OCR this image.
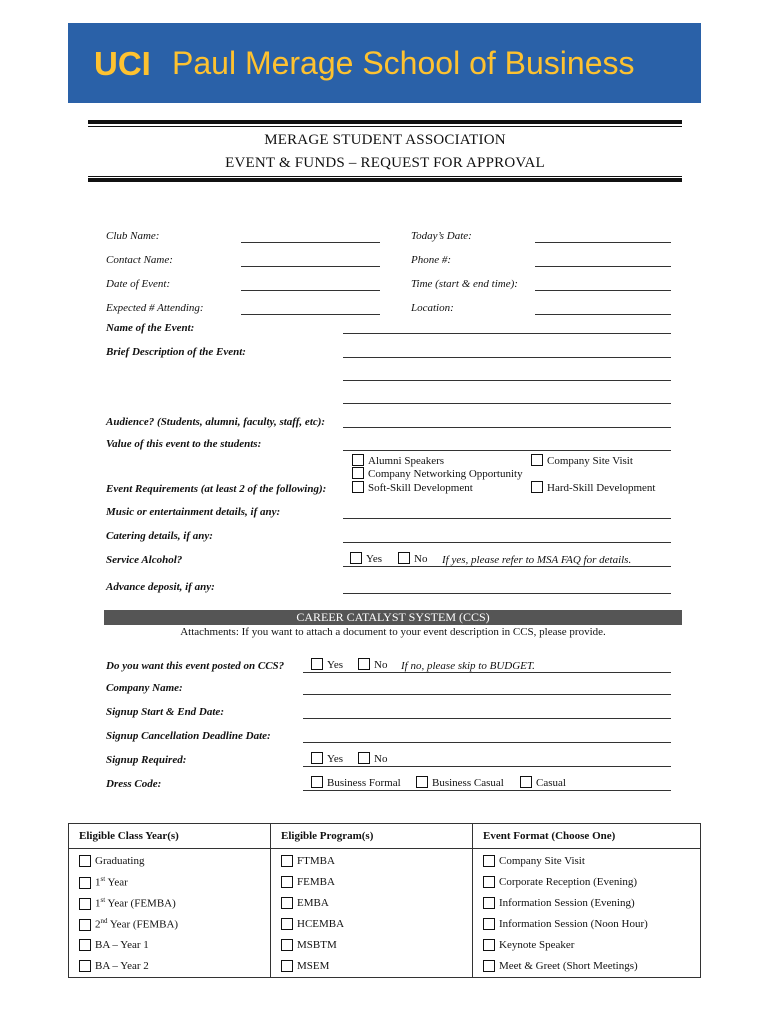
UCI Paul Merage School of Business
MERAGE STUDENT ASSOCIATION
EVENT & FUNDS – REQUEST FOR APPROVAL
Club Name:	Today’s Date:
Contact Name:	Phone #:
Date of Event:	Time (start & end time):
Expected # Attending:	Location:
Name of the Event:
Brief Description of the Event:
Audience? (Students, alumni, faculty, staff, etc):
Value of this event to the students:
Alumni Speakers	Company Site Visit
Company Networking Opportunity
Event Requirements (at least 2 of the following):	Soft-Skill Development	Hard-Skill Development
Music or entertainment details, if any:
Catering details, if any:
Service Alcohol?	Yes	No If yes, please refer to MSA FAQ for details.
Advance deposit, if any:
CAREER CATALYST SYSTEM (CCS)
Attachments: If you want to attach a document to your event description in CCS, please provide.
Do you want this event posted on CCS?	Yes	No If no, please skip to BUDGET.
Company Name:
Signup Start & End Date:
Signup Cancellation Deadline Date:
Signup Required:	Yes	No
Dress Code:	Business Formal	Business Casual	Casual
Eligible Class Year(s)	Eligible Program(s)	Event Format (Choose One)
Graduating	FTMBA	Company Site Visit
1st Year	FEMBA	Corporate Reception (Evening)
1st Year (FEMBA)	EMBA	Information Session (Evening)
2nd Year (FEMBA)	HCEMBA	Information Session (Noon Hour)
BA – Year 1	MSBTM	Keynote Speaker
BA – Year 2	MSEM	Meet & Greet (Short Meetings)
